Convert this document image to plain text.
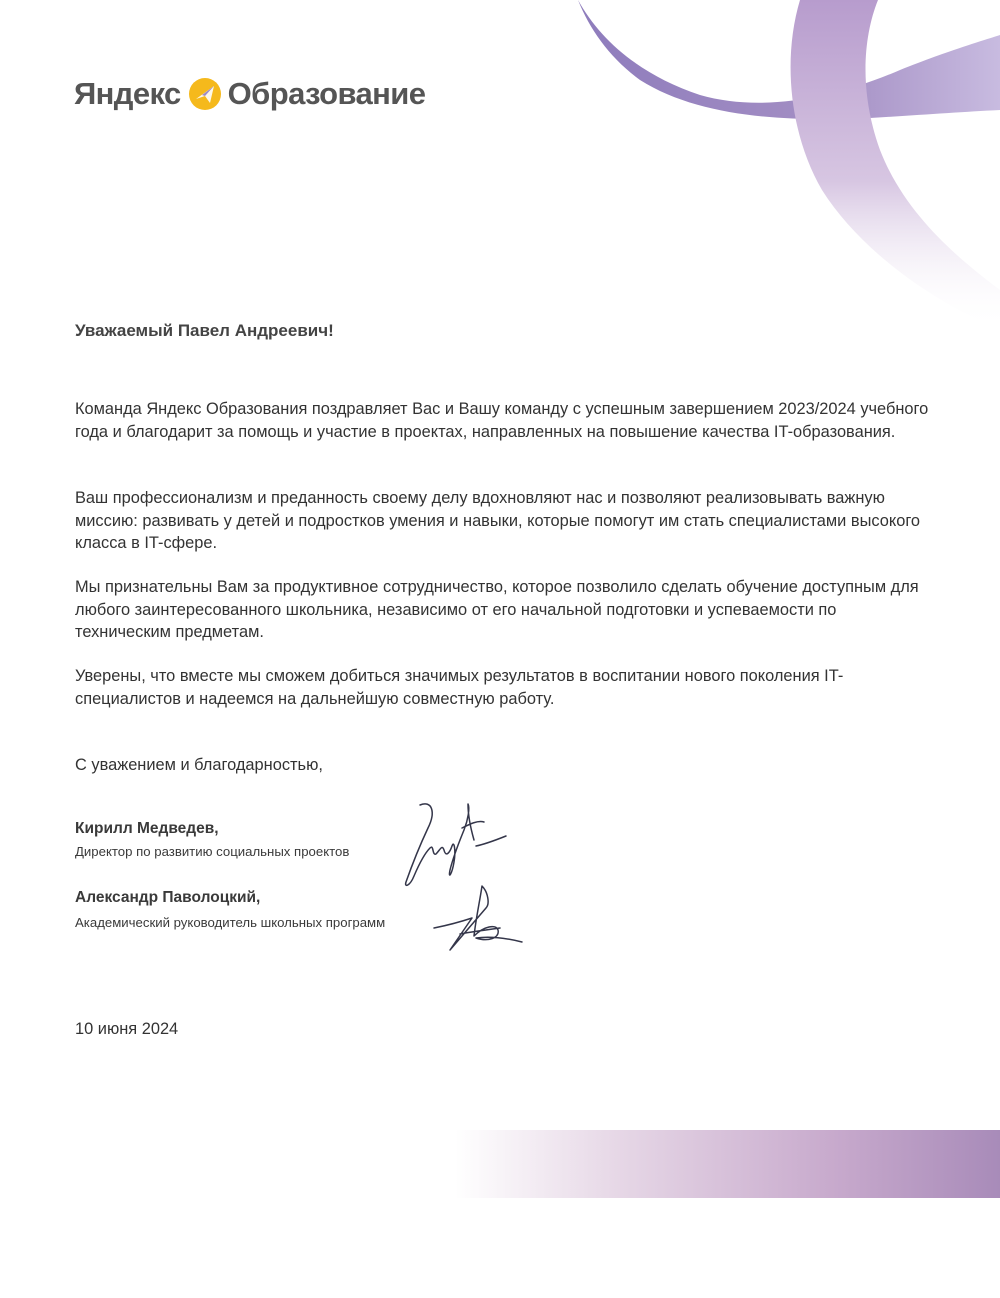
Яндекс Образование
Уважаемый Павел Андреевич!
Команда Яндекс Образования поздравляет Вас и Вашу команду с успешным завершением 2023/2024 учебного года и благодарит за помощь и участие в проектах, направленных на повышение качества IT-образования.
Ваш профессионализм и преданность своему делу вдохновляют нас и позволяют реализовывать важную миссию: развивать у детей и подростков умения и навыки, которые помогут им стать специалистами высокого класса в IT-сфере.
Мы признательны Вам за продуктивное сотрудничество, которое позволило сделать обучение доступным для любого заинтересованного школьника, независимо от его начальной подготовки и успеваемости по техническим предметам.
Уверены, что вместе мы сможем добиться значимых результатов в воспитании нового поколения IT-специалистов и надеемся на дальнейшую совместную работу.
С уважением и благодарностью,
Кирилл Медведев,
Директор по развитию социальных проектов
Александр Паволоцкий,
Академический руководитель школьных программ
10 июня 2024
